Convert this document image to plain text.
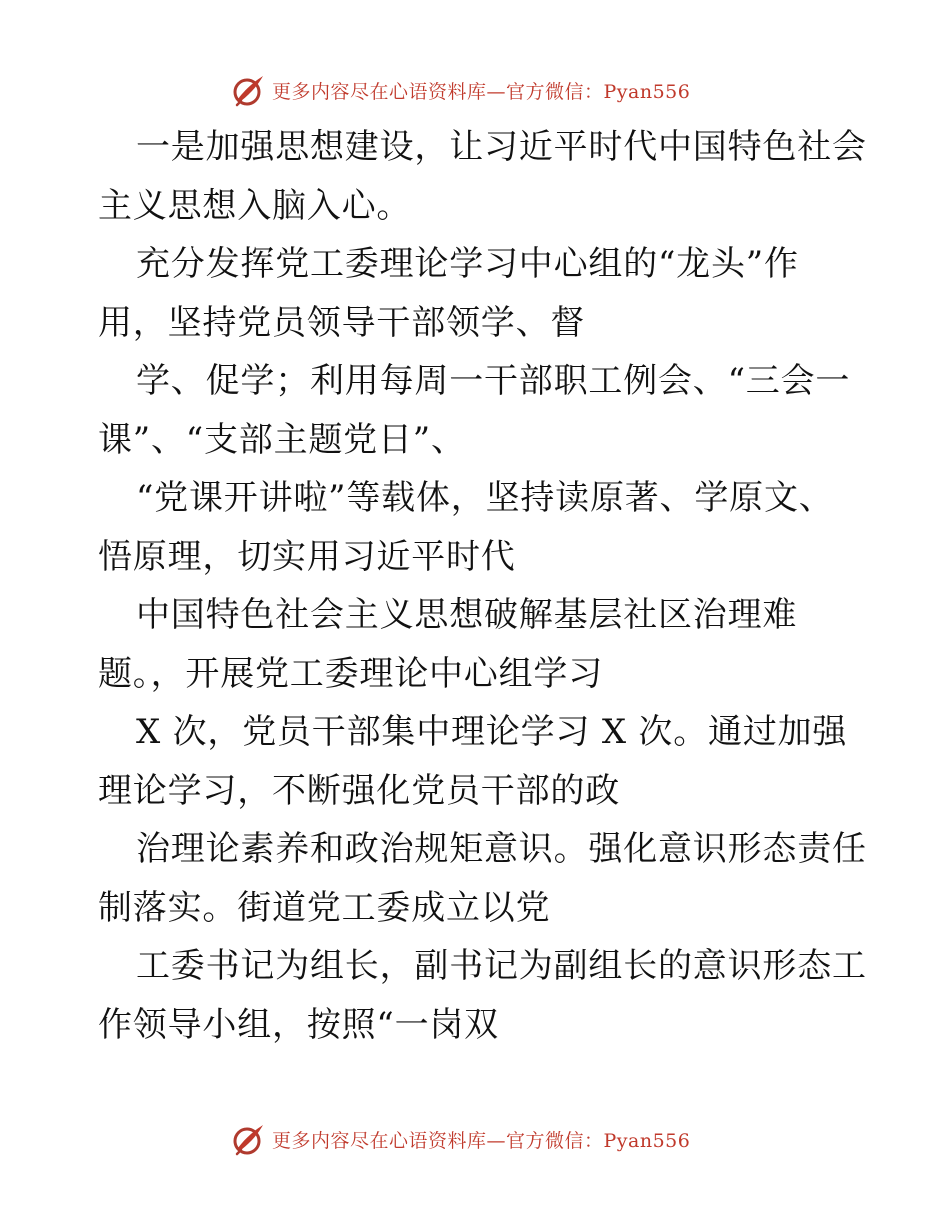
更多内容尽在心语资料库—官方微信：Pyan556
一是加强思想建设，让习近平时代中国特色社会
主义思想入脑入心。
充分发挥党工委理论学习中心组的“龙头”作
用，坚持党员领导干部领学、督
学、促学；利用每周一干部职工例会、“三会一
课”、“支部主题党日”、
“党课开讲啦”等载体，坚持读原著、学原文、
悟原理，切实用习近平时代
中国特色社会主义思想破解基层社区治理难
题。，开展党工委理论中心组学习
X 次，党员干部集中理论学习 X 次。通过加强
理论学习，不断强化党员干部的政
治理论素养和政治规矩意识。强化意识形态责任
制落实。街道党工委成立以党
工委书记为组长，副书记为副组长的意识形态工
作领导小组，按照“一岗双
更多内容尽在心语资料库—官方微信：Pyan556
